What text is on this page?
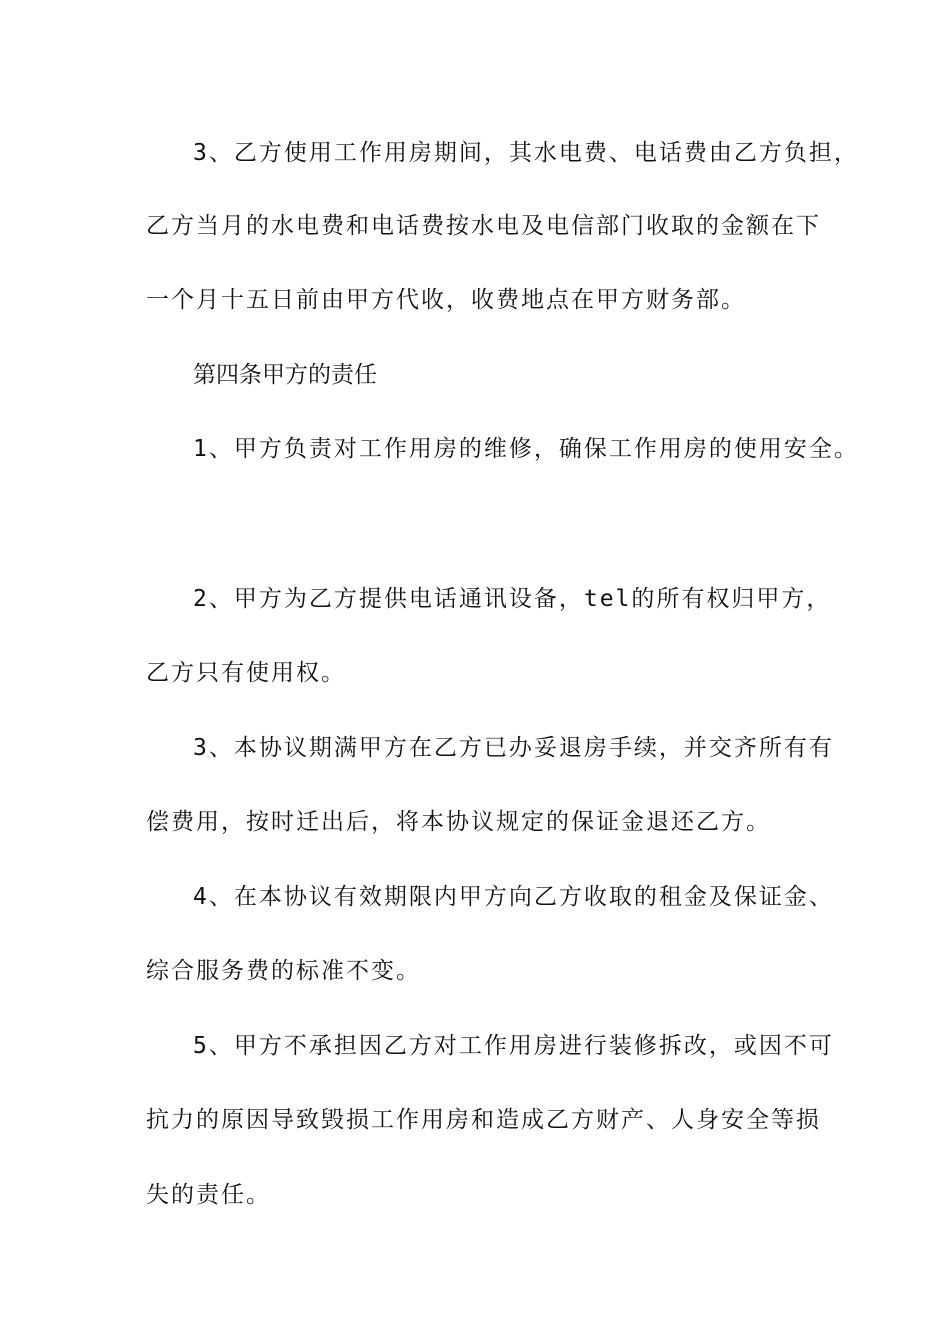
3、乙方使用工作用房期间，其水电费、电话费由乙方负担，
乙方当月的水电费和电话费按水电及电信部门收取的金额在下
一个月十五日前由甲方代收，收费地点在甲方财务部。
第四条甲方的责任
1、甲方负责对工作用房的维修，确保工作用房的使用安全。
2、甲方为乙方提供电话通讯设备，tel的所有权归甲方，
乙方只有使用权。
3、本协议期满甲方在乙方已办妥退房手续，并交齐所有有
偿费用，按时迁出后，将本协议规定的保证金退还乙方。
4、在本协议有效期限内甲方向乙方收取的租金及保证金、
综合服务费的标准不变。
5、甲方不承担因乙方对工作用房进行装修拆改，或因不可
抗力的原因导致毁损工作用房和造成乙方财产、人身安全等损
失的责任。
